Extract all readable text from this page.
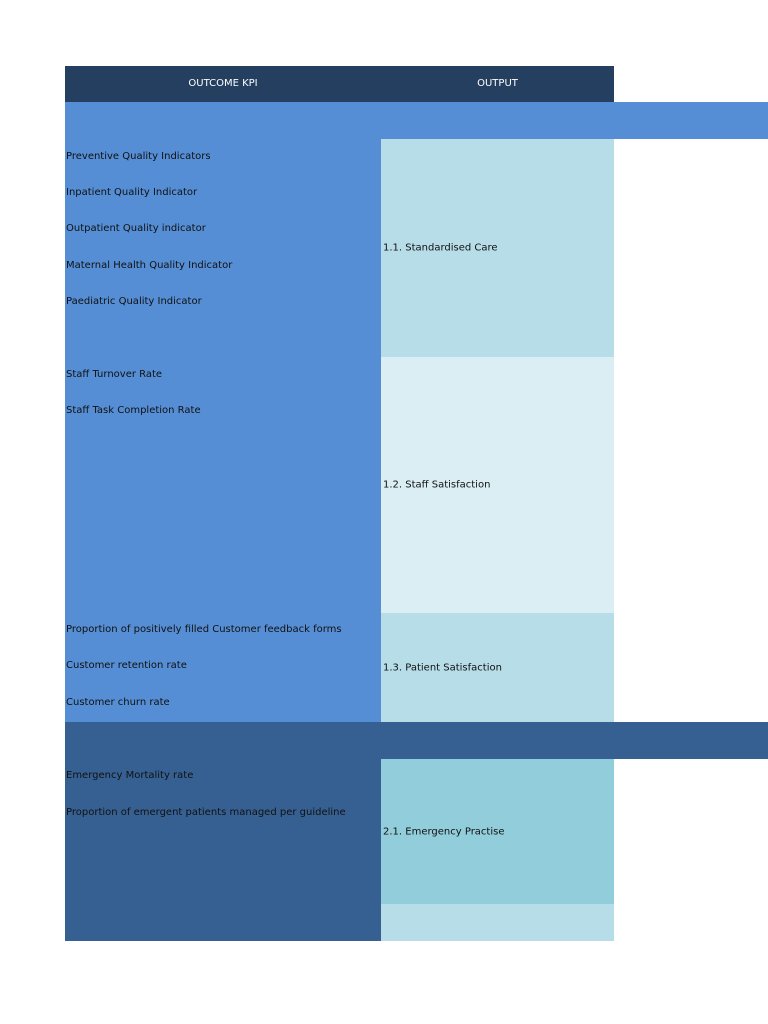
OUTCOME KPI	OUTPUT
1.1. Standardised Care
1.2. Staff Satisfaction
1.3. Patient Satisfaction
Preventive Quality Indicators
Inpatient Quality Indicator
Outpatient Quality indicator
Maternal Health Quality Indicator
Paediatric Quality Indicator
Staff Turnover Rate
Staff Task Completion Rate
Proportion of positively filled Customer feedback forms
Customer retention rate
Customer churn rate
2.1. Emergency Practise
Emergency Mortality rate
Proportion of emergent patients managed per guideline
